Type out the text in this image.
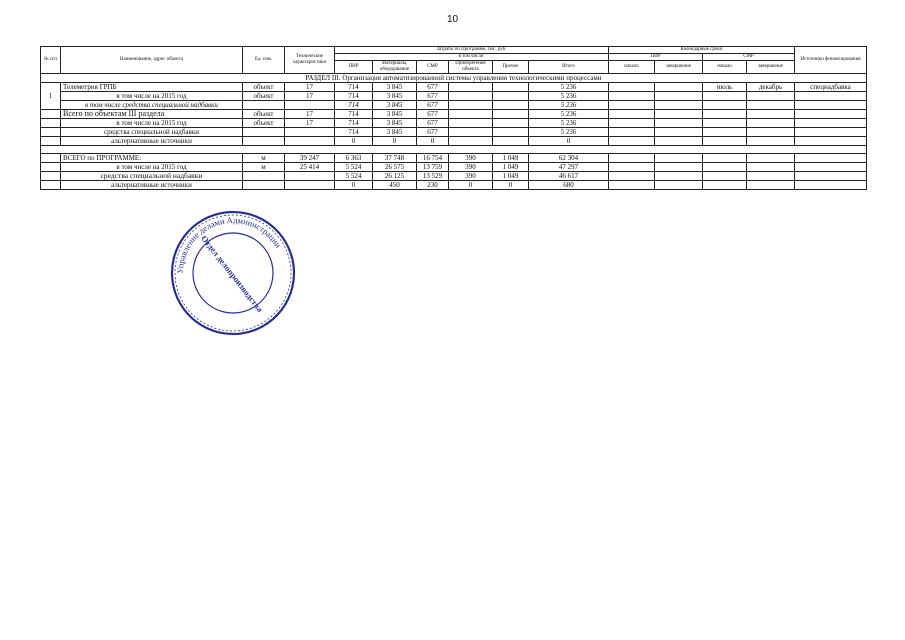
10
№ п/п	Наименование, адрес объекта	Ед. изм.	Технические характеристики	Затраты по Программе, тыс. руб.						Календарные сроки				Источники финансирования
				в том числе:						ПИР		СМР		
				ПИР	Материалы, оборудование	СМР	Приобретение объекта	Прочие	Итого	начало	завершение	начало	завершение	
РАЗДЕЛ III. Организация автоматизированной системы управления технологическими процессами														
1	Телеметрия ГРПБ	объект	17	714	3 845	677			5 236			июль	декабрь	спецнадбавка
	в том числе на 2015 год	объект	17	714	3 845	677			5 236					
	в том числе средства специальной надбавки			714	3 845	677			5 236					
	Всего по объектам III раздела	объект	17	714	3 845	677			5 236					
	в том числе на 2015 год	объект	17	714	3 845	677			5 236					
	средства специальной надбавки			714	3 845	677			5 236					
	альтернативные источники			0	0	0			0					

	ВСЕГО по ПРОГРАММЕ:	м	39 247	6 363	37 748	16 754	390	1 049	62 304					
	в том числе на 2015 год	м	25 414	5 524	26 575	13 759	390	1 049	47 297					
	средства специальной надбавки			5 524	26 125	13 529	390	1 049	46 617					
	альтернативные источники			0	450	230	0	0	680					
Управление делами Администрации
Отдел делопроизводства
